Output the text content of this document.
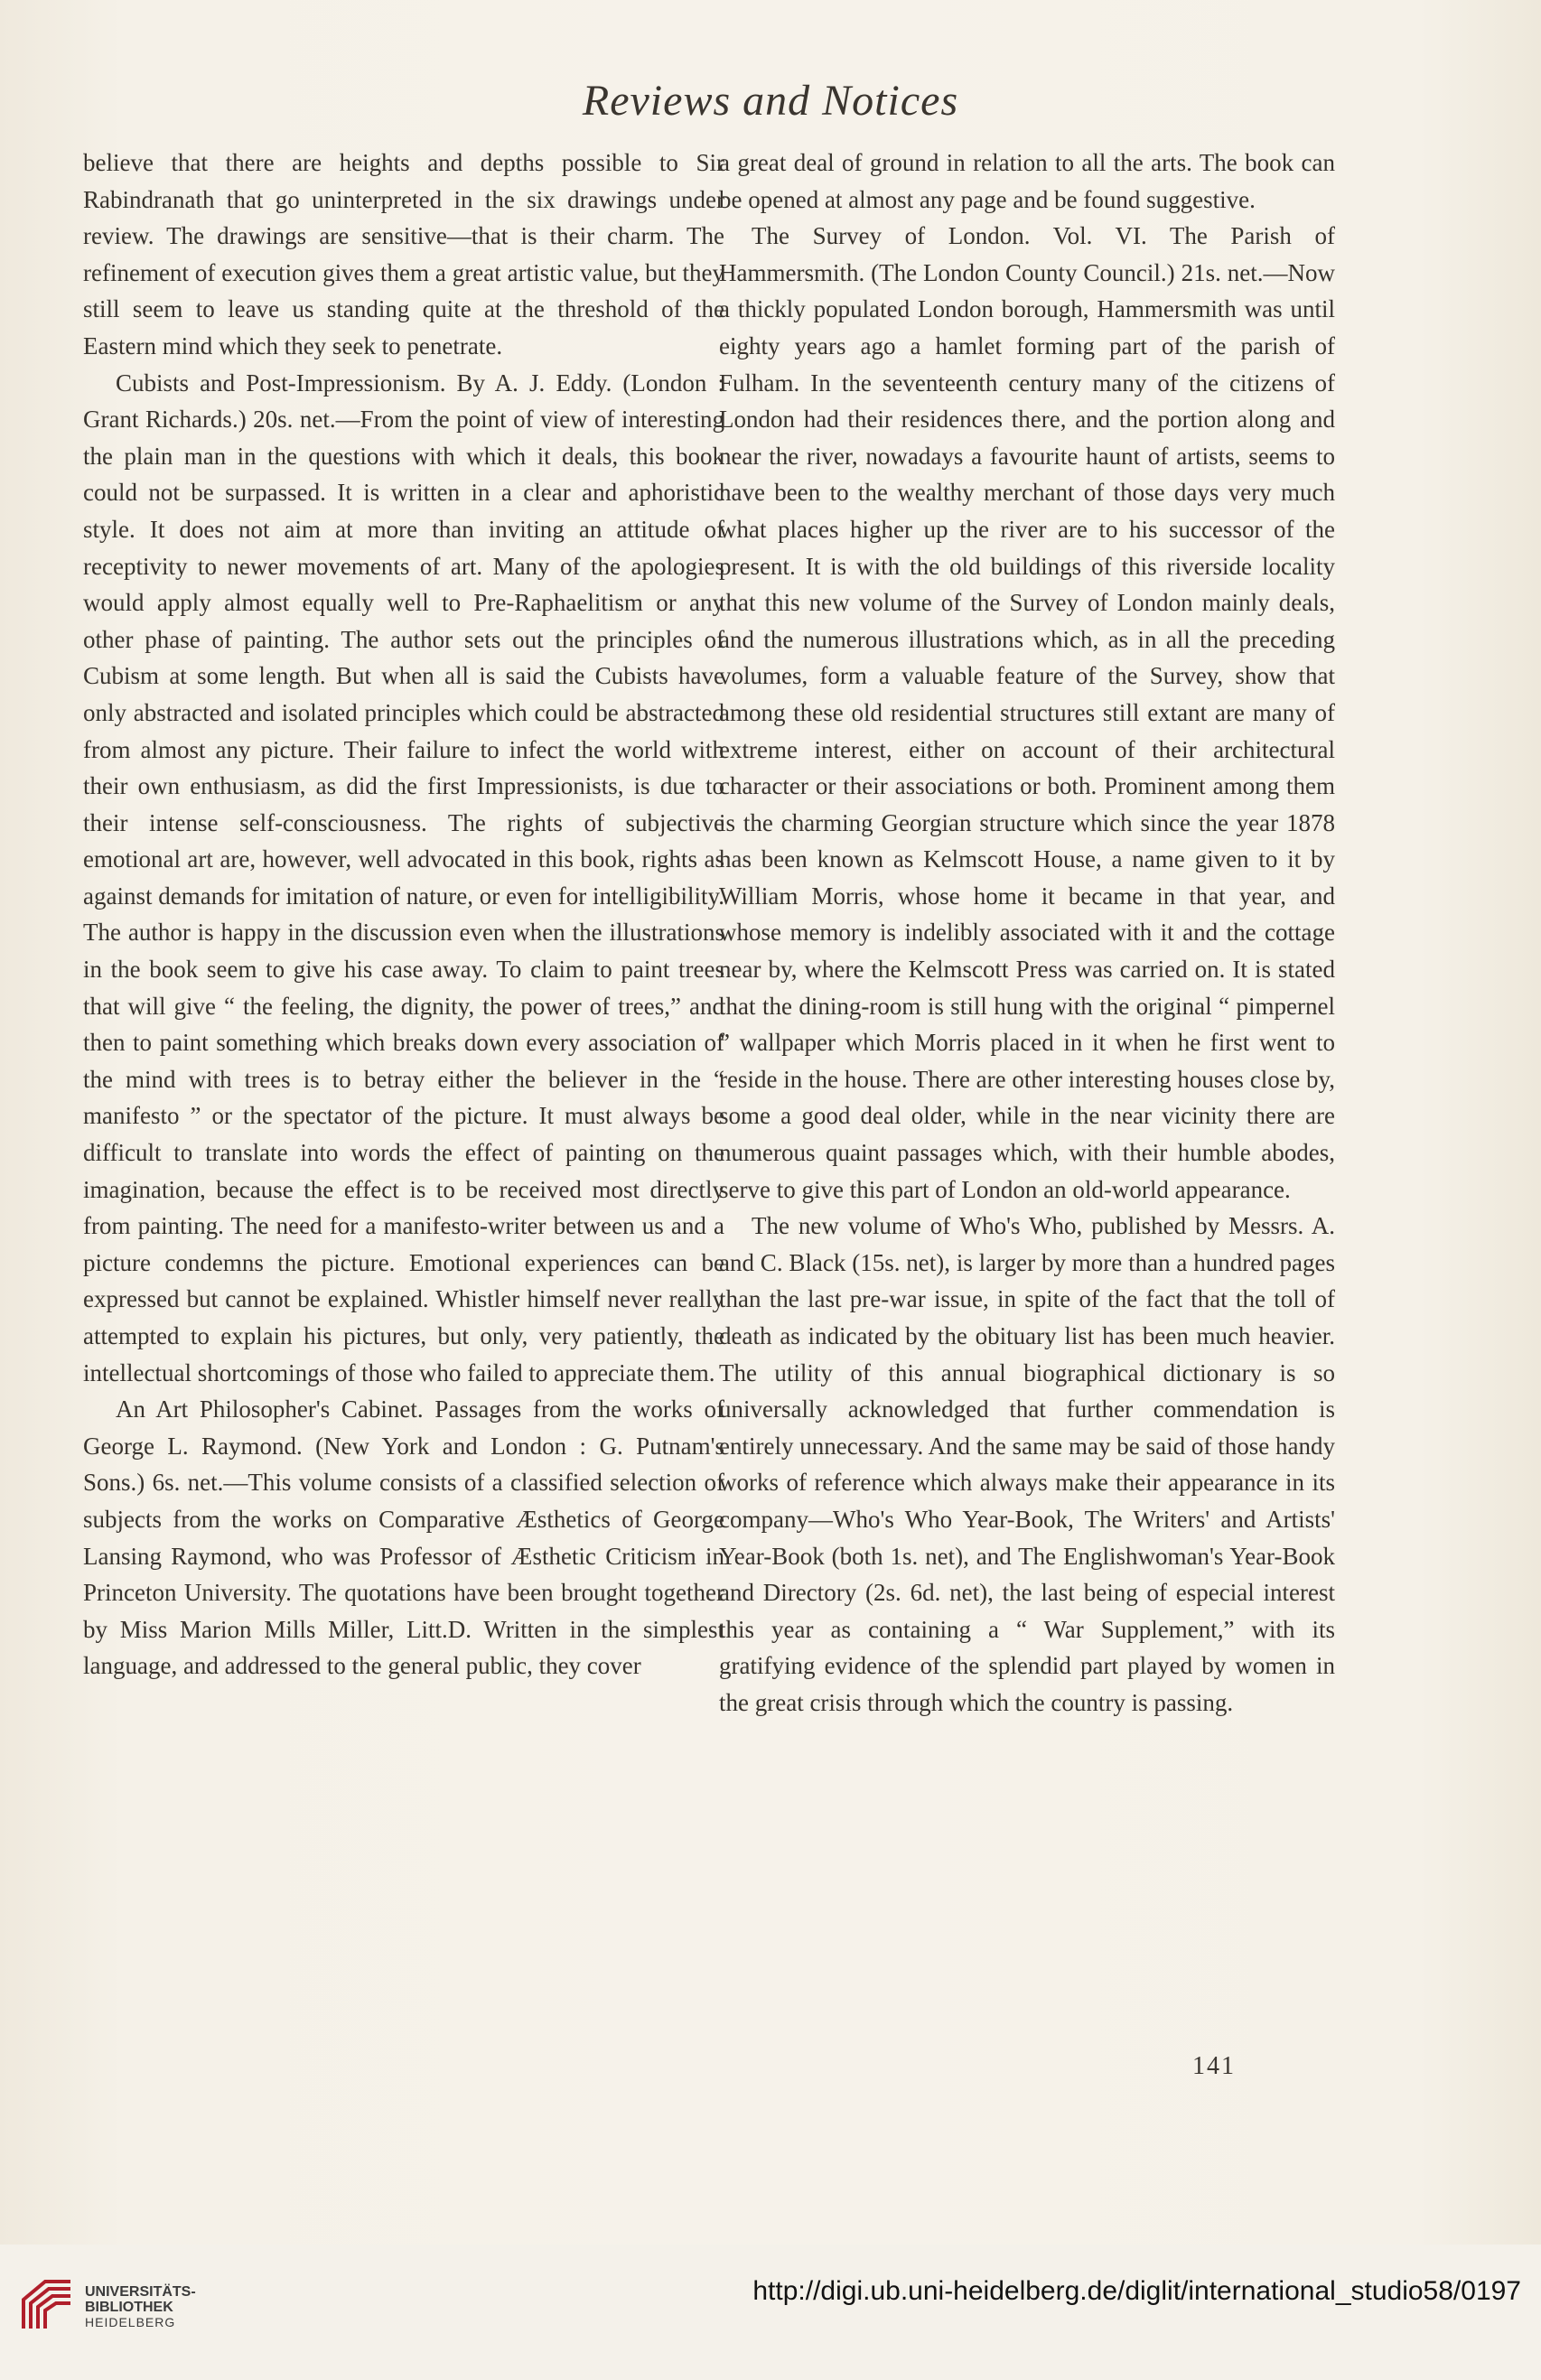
Reviews and Notices

believe that there are heights and depths possible to Sir Rabindranath that go uninterpreted in the six drawings under review. The drawings are sensitive—that is their charm. The refinement of execution gives them a great artistic value, but they still seem to leave us standing quite at the threshold of the Eastern mind which they seek to penetrate.

Cubists and Post-Impressionism. By A. J. Eddy. (London : Grant Richards.) 20s. net.—From the point of view of interesting the plain man in the questions with which it deals, this book could not be surpassed. It is written in a clear and aphoristic style. It does not aim at more than inviting an attitude of receptivity to newer movements of art. Many of the apologies would apply almost equally well to Pre-Raphaelitism or any other phase of painting. The author sets out the principles of Cubism at some length. But when all is said the Cubists have only abstracted and isolated principles which could be abstracted from almost any picture. Their failure to infect the world with their own enthusiasm, as did the first Impressionists, is due to their intense self-consciousness. The rights of subjective emotional art are, however, well advocated in this book, rights as against demands for imitation of nature, or even for intelligibility. The author is happy in the discussion even when the illustrations in the book seem to give his case away. To claim to paint trees that will give “ the feeling, the dignity, the power of trees,” and then to paint something which breaks down every association of the mind with trees is to betray either the believer in the “ manifesto ” or the spectator of the picture. It must always be difficult to translate into words the effect of painting on the imagination, because the effect is to be received most directly from painting. The need for a manifesto-writer between us and a picture condemns the picture. Emotional experiences can be expressed but cannot be explained. Whistler himself never really attempted to explain his pictures, but only, very patiently, the intellectual shortcomings of those who failed to appreciate them.

An Art Philosopher's Cabinet. Passages from the works of George L. Raymond. (New York and London : G. Putnam's Sons.) 6s. net.—This volume consists of a classified selection of subjects from the works on Comparative Æsthetics of George Lansing Raymond, who was Professor of Æsthetic Criticism in Princeton University. The quotations have been brought together by Miss Marion Mills Miller, Litt.D. Written in the simplest language, and addressed to the general public, they cover

a great deal of ground in relation to all the arts. The book can be opened at almost any page and be found suggestive.

The Survey of London. Vol. VI. The Parish of Hammersmith. (The London County Council.) 21s. net.—Now a thickly populated London borough, Hammersmith was until eighty years ago a hamlet forming part of the parish of Fulham. In the seventeenth century many of the citizens of London had their residences there, and the portion along and near the river, nowadays a favourite haunt of artists, seems to have been to the wealthy merchant of those days very much what places higher up the river are to his successor of the present. It is with the old buildings of this riverside locality that this new volume of the Survey of London mainly deals, and the numerous illustrations which, as in all the preceding volumes, form a valuable feature of the Survey, show that among these old residential structures still extant are many of extreme interest, either on account of their architectural character or their associations or both. Prominent among them is the charming Georgian structure which since the year 1878 has been known as Kelmscott House, a name given to it by William Morris, whose home it became in that year, and whose memory is indelibly associated with it and the cottage near by, where the Kelmscott Press was carried on. It is stated that the dining-room is still hung with the original “ pimpernel ” wallpaper which Morris placed in it when he first went to reside in the house. There are other interesting houses close by, some a good deal older, while in the near vicinity there are numerous quaint passages which, with their humble abodes, serve to give this part of London an old-world appearance.

The new volume of Who's Who, published by Messrs. A. and C. Black (15s. net), is larger by more than a hundred pages than the last pre-war issue, in spite of the fact that the toll of death as indicated by the obituary list has been much heavier. The utility of this annual biographical dictionary is so universally acknowledged that further commendation is entirely unnecessary. And the same may be said of those handy works of reference which always make their appearance in its company—Who's Who Year-Book, The Writers' and Artists' Year-Book (both 1s. net), and The Englishwoman's Year-Book and Directory (2s. 6d. net), the last being of especial interest this year as containing a “ War Supplement,” with its gratifying evidence of the splendid part played by women in the great crisis through which the country is passing.

141
UNIVERSITÄTS-
BIBLIOTHEK
HEIDELBERG
http://digi.ub.uni-heidelberg.de/diglit/international_studio58/0197
